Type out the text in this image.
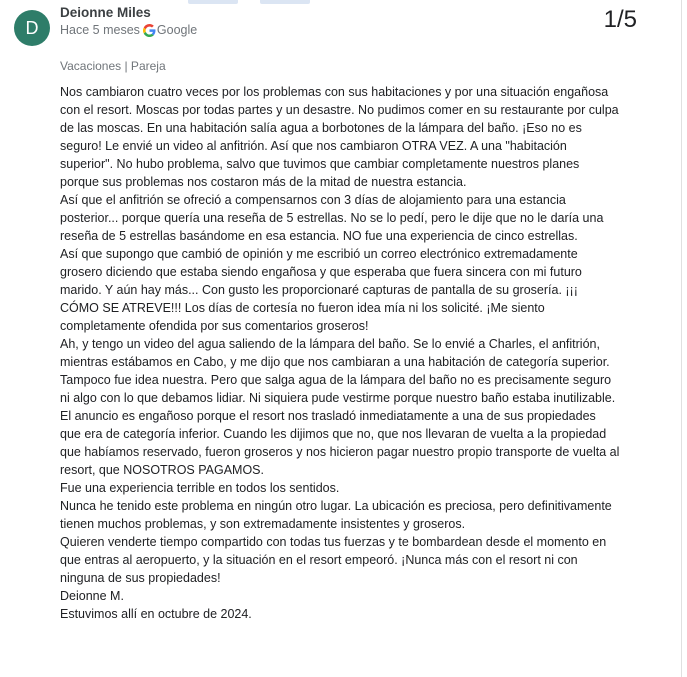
D
Deionne Miles
Hace 5 meses Google	1/5
Vacaciones | Pareja

Nos cambiaron cuatro veces por los problemas con sus habitaciones y por una situación engañosa con el resort. Moscas por todas partes y un desastre. No pudimos comer en su restaurante por culpa de las moscas. En una habitación salía agua a borbotones de la lámpara del baño. ¡Eso no es seguro! Le envié un video al anfitrión. Así que nos cambiaron OTRA VEZ. A una "habitación superior". No hubo problema, salvo que tuvimos que cambiar completamente nuestros planes porque sus problemas nos costaron más de la mitad de nuestra estancia.

Así que el anfitrión se ofreció a compensarnos con 3 días de alojamiento para una estancia posterior... porque quería una reseña de 5 estrellas. No se lo pedí, pero le dije que no le daría una reseña de 5 estrellas basándome en esa estancia. NO fue una experiencia de cinco estrellas.

Así que supongo que cambió de opinión y me escribió un correo electrónico extremadamente grosero diciendo que estaba siendo engañosa y que esperaba que fuera sincera con mi futuro marido. Y aún hay más... Con gusto les proporcionaré capturas de pantalla de su grosería. ¡¡¡ CÓMO SE ATREVE!!! Los días de cortesía no fueron idea mía ni los solicité. ¡Me siento completamente ofendida por sus comentarios groseros!

Ah, y tengo un video del agua saliendo de la lámpara del baño. Se lo envié a Charles, el anfitrión, mientras estábamos en Cabo, y me dijo que nos cambiaran a una habitación de categoría superior.

Tampoco fue idea nuestra. Pero que salga agua de la lámpara del baño no es precisamente seguro ni algo con lo que debamos lidiar. Ni siquiera pude vestirme porque nuestro baño estaba inutilizable.

El anuncio es engañoso porque el resort nos trasladó inmediatamente a una de sus propiedades que era de categoría inferior. Cuando les dijimos que no, que nos llevaran de vuelta a la propiedad que habíamos reservado, fueron groseros y nos hicieron pagar nuestro propio transporte de vuelta al resort, que NOSOTROS PAGAMOS.

Fue una experiencia terrible en todos los sentidos.

Nunca he tenido este problema en ningún otro lugar. La ubicación es preciosa, pero definitivamente tienen muchos problemas, y son extremadamente insistentes y groseros.

Quieren venderte tiempo compartido con todas tus fuerzas y te bombardean desde el momento en que entras al aeropuerto, y la situación en el resort empeoró. ¡Nunca más con el resort ni con ninguna de sus propiedades!

Deionne M.

Estuvimos allí en octubre de 2024.
